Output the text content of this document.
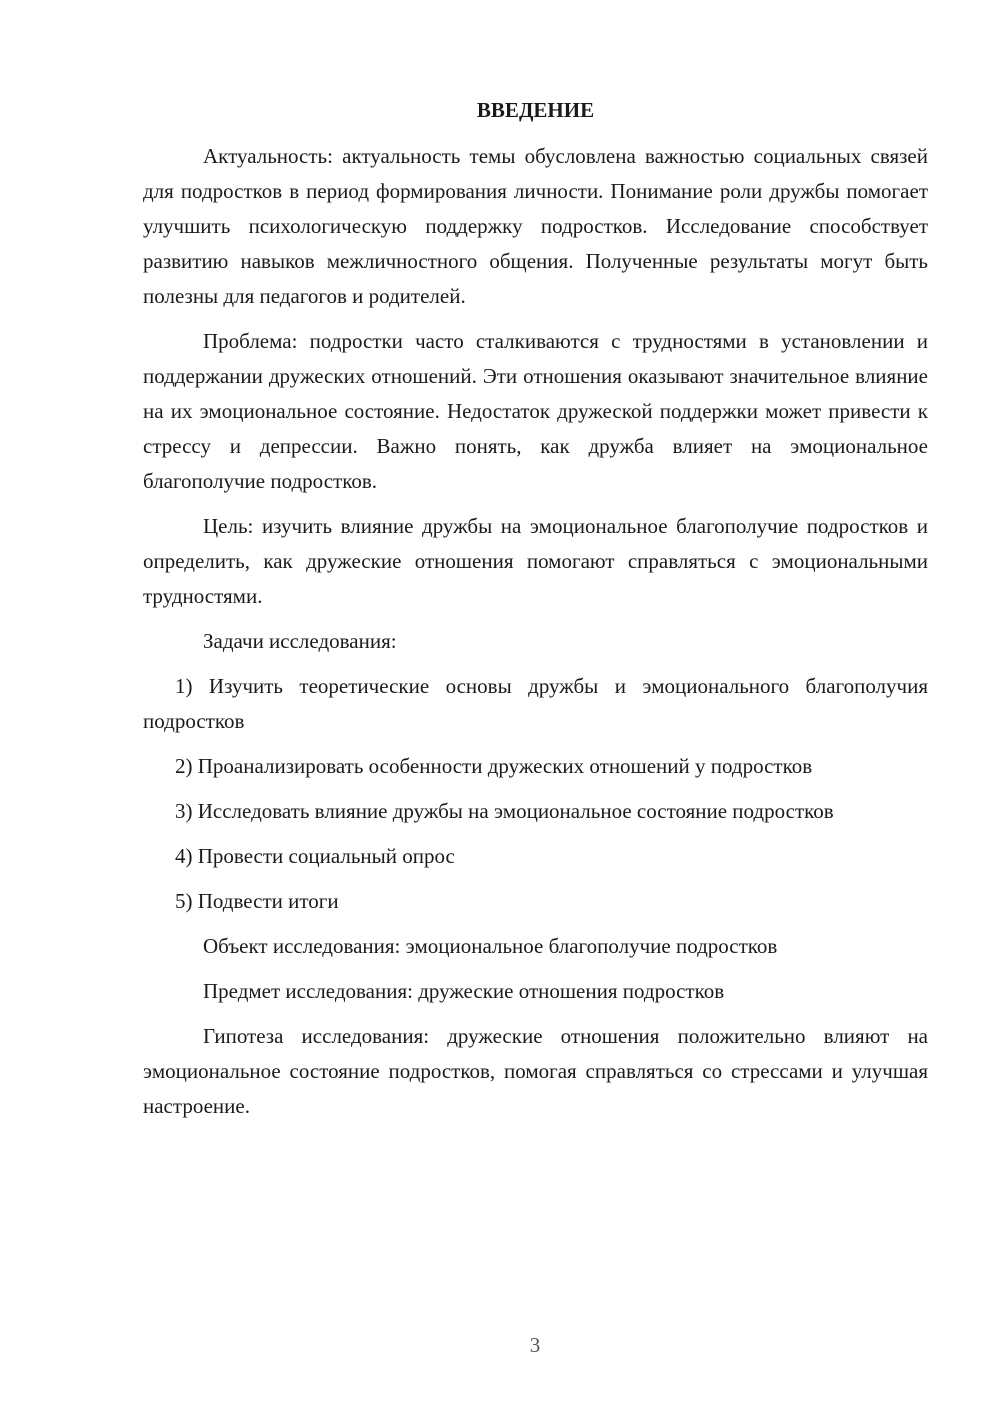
ВВЕДЕНИЕ

Актуальность: актуальность темы обусловлена важностью социальных связей для подростков в период формирования личности. Понимание роли дружбы помогает улучшить психологическую поддержку подростков. Исследование способствует развитию навыков межличностного общения. Полученные результаты могут быть полезны для педагогов и родителей.

Проблема: подростки часто сталкиваются с трудностями в установлении и поддержании дружеских отношений. Эти отношения оказывают значительное влияние на их эмоциональное состояние. Недостаток дружеской поддержки может привести к стрессу и депрессии. Важно понять, как дружба влияет на эмоциональное благополучие подростков.

Цель: изучить влияние дружбы на эмоциональное благополучие подростков и определить, как дружеские отношения помогают справляться с эмоциональными трудностями.

Задачи исследования:

1) Изучить теоретические основы дружбы и эмоционального благополучия подростков

2) Проанализировать особенности дружеских отношений у подростков

3) Исследовать влияние дружбы на эмоциональное состояние подростков

4) Провести социальный опрос
5) Подвести итоги
Объект исследования: эмоциональное благополучие подростков
Предмет исследования: дружеские отношения подростков

Гипотеза исследования: дружеские отношения положительно влияют на эмоциональное состояние подростков, помогая справляться со стрессами и улучшая настроение.

3
